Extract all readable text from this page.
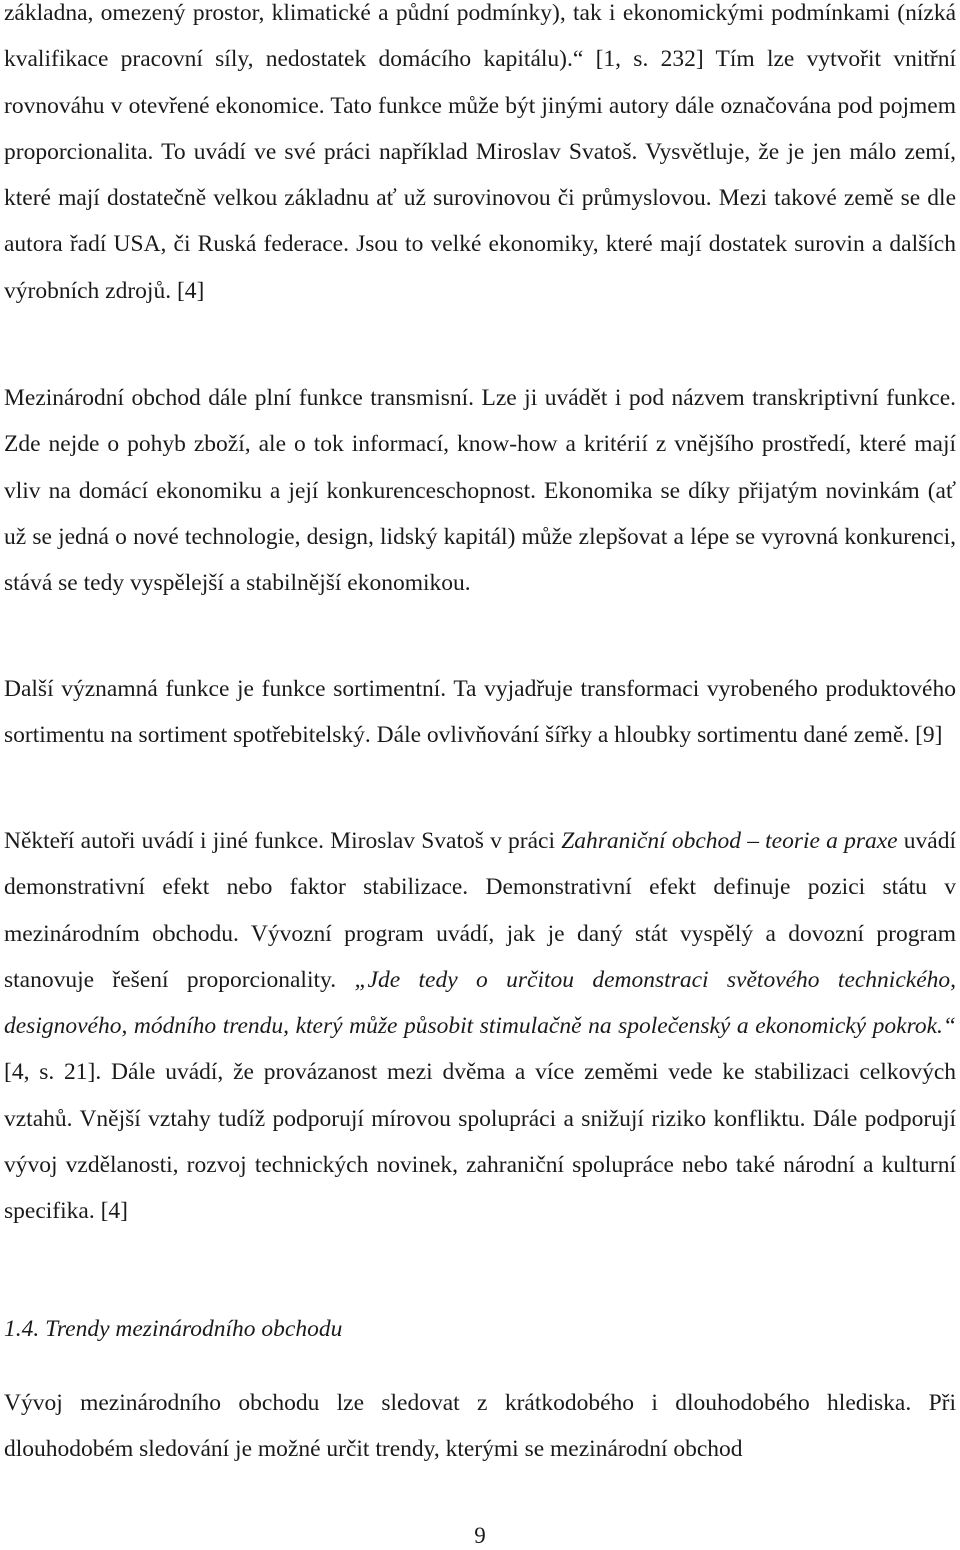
základna, omezený prostor, klimatické a půdní podmínky), tak i ekonomickými podmínkami (nízká kvalifikace pracovní síly, nedostatek domácího kapitálu).“ [1, s. 232] Tím lze vytvořit vnitřní rovnováhu v otevřené ekonomice. Tato funkce může být jinými autory dále označována pod pojmem proporcionalita. To uvádí ve své práci například Miroslav Svatoš. Vysvětluje, že je jen málo zemí, které mají dostatečně velkou základnu ať už surovinovou či průmyslovou. Mezi takové země se dle autora řadí USA, či Ruská federace. Jsou to velké ekonomiky, které mají dostatek surovin a dalších výrobních zdrojů. [4]

Mezinárodní obchod dále plní funkce transmisní. Lze ji uvádět i pod názvem transkriptivní funkce. Zde nejde o pohyb zboží, ale o tok informací, know-how a kritérií z vnějšího prostředí, které mají vliv na domácí ekonomiku a její konkurenceschopnost. Ekonomika se díky přijatým novinkám (ať už se jedná o nové technologie, design, lidský kapitál) může zlepšovat a lépe se vyrovná konkurenci, stává se tedy vyspělejší a stabilnější ekonomikou.

Další významná funkce je funkce sortimentní. Ta vyjadřuje transformaci vyrobeného produktového sortimentu na sortiment spotřebitelský. Dále ovlivňování šířky a hloubky sortimentu dané země. [9]

Někteří autoři uvádí i jiné funkce. Miroslav Svatoš v práci Zahraniční obchod – teorie a praxe uvádí demonstrativní efekt nebo faktor stabilizace. Demonstrativní efekt definuje pozici státu v mezinárodním obchodu. Vývozní program uvádí, jak je daný stát vyspělý a dovozní program stanovuje řešení proporcionality. „Jde tedy o určitou demonstraci světového technického, designového, módního trendu, který může působit stimulačně na společenský a ekonomický pokrok.“ [4, s. 21]. Dále uvádí, že provázanost mezi dvěma a více zeměmi vede ke stabilizaci celkových vztahů. Vnější vztahy tudíž podporují mírovou spolupráci a snižují riziko konfliktu. Dále podporují vývoj vzdělanosti, rozvoj technických novinek, zahraniční spolupráce nebo také národní a kulturní specifika. [4]

1.4. Trendy mezinárodního obchodu

Vývoj mezinárodního obchodu lze sledovat z krátkodobého i dlouhodobého hlediska. Při dlouhodobém sledování je možné určit trendy, kterými se mezinárodní obchod

9
